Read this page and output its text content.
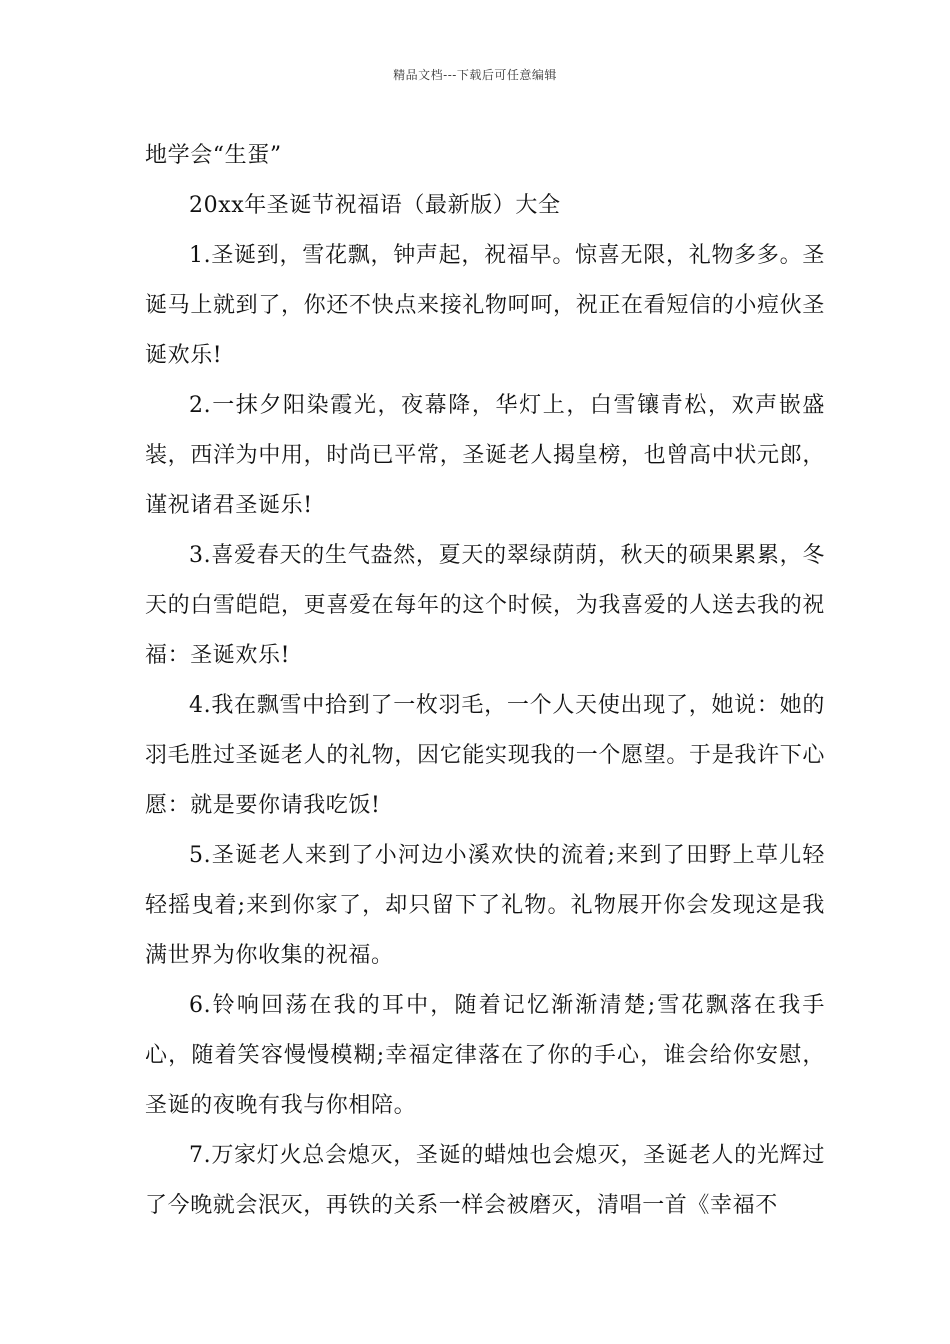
精品文档---下载后可任意编辑

地学会“生蛋”

20xx年圣诞节祝福语（最新版）大全

1.圣诞到，雪花飘，钟声起，祝福早。惊喜无限，礼物多多。圣诞马上就到了，你还不快点来接礼物呵呵，祝正在看短信的小痘伙圣诞欢乐!

2.一抹夕阳染霞光，夜幕降，华灯上，白雪镶青松，欢声嵌盛装，西洋为中用，时尚已平常，圣诞老人揭皇榜，也曾高中状元郎，谨祝诸君圣诞乐!

3.喜爱春天的生气盎然，夏天的翠绿荫荫，秋天的硕果累累，冬天的白雪皑皑，更喜爱在每年的这个时候，为我喜爱的人送去我的祝福：圣诞欢乐!

4.我在飘雪中拾到了一枚羽毛，一个人天使出现了，她说：她的羽毛胜过圣诞老人的礼物，因它能实现我的一个愿望。于是我许下心愿：就是要你请我吃饭!

5.圣诞老人来到了小河边小溪欢快的流着;来到了田野上草儿轻轻摇曳着;来到你家了，却只留下了礼物。礼物展开你会发现这是我满世界为你收集的祝福。

6.铃响回荡在我的耳中，随着记忆渐渐清楚;雪花飘落在我手心，随着笑容慢慢模糊;幸福定律落在了你的手心，谁会给你安慰，圣诞的夜晚有我与你相陪。

7.万家灯火总会熄灭，圣诞的蜡烛也会熄灭，圣诞老人的光辉过了今晚就会泯灭，再铁的关系一样会被磨灭，清唱一首《幸福不
